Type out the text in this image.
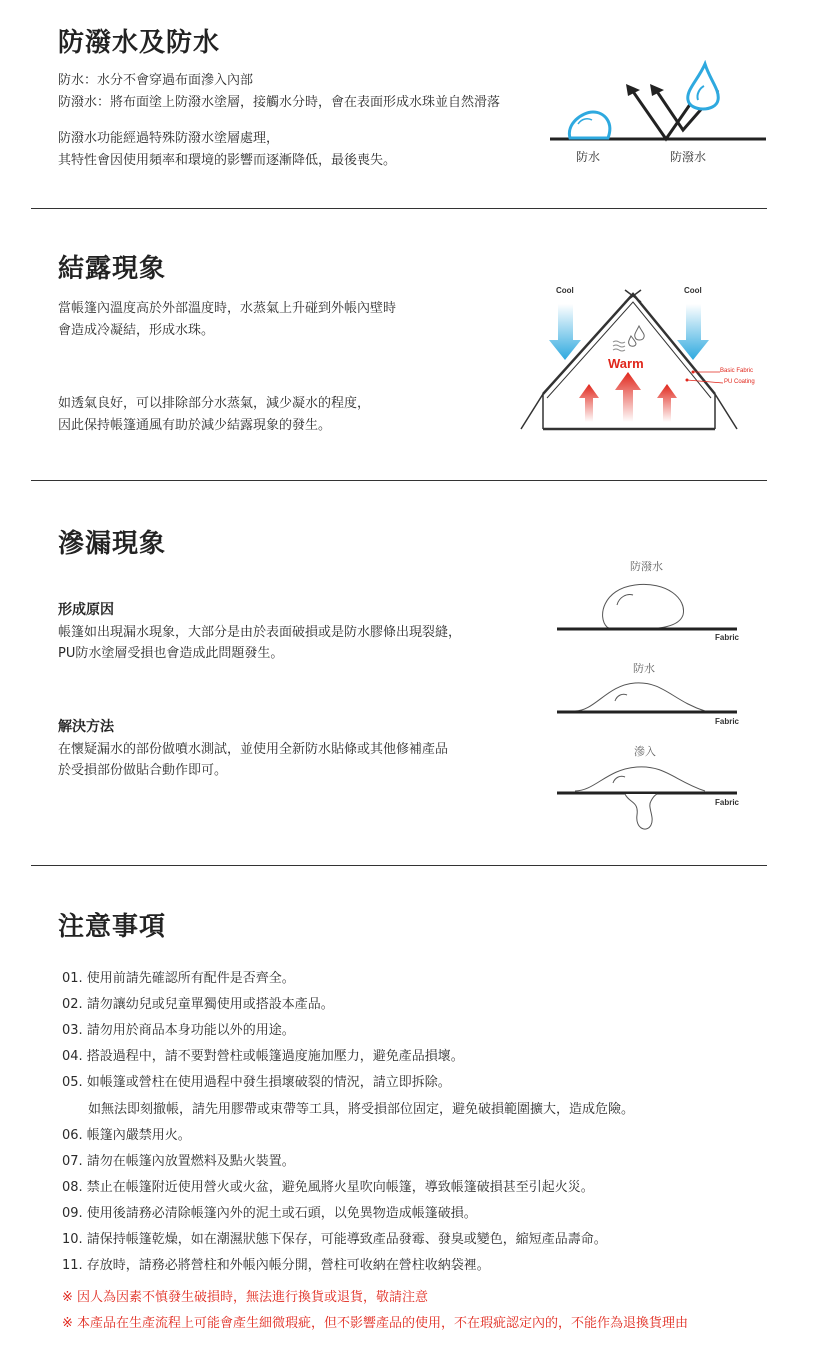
防潑水及防水
防水：水分不會穿過布面滲入內部
防潑水：將布面塗上防潑水塗層，接觸水分時，會在表面形成水珠並自然滑落
防潑水功能經過特殊防潑水塗層處理，
其特性會因使用頻率和環境的影響而逐漸降低，最後喪失。	防水	防潑水
結露現象
當帳篷內溫度高於外部溫度時，水蒸氣上升碰到外帳內壁時
會造成冷凝結，形成水珠。
如透氣良好，可以排除部分水蒸氣，減少凝水的程度，
因此保持帳篷通風有助於減少結露現象的發生。
Cool	Cool
Warm	Basic Fabric
PU Coating
滲漏現象
形成原因
帳篷如出現漏水現象，大部分是由於表面破損或是防水膠條出現裂縫，
PU防水塗層受損也會造成此問題發生。
解決方法
在懷疑漏水的部份做噴水測試，並使用全新防水貼條或其他修補產品
於受損部份做貼合動作即可。
防潑水
防水
滲入
Fabric
Fabric
Fabric
注意事項
01. 使用前請先確認所有配件是否齊全。
02. 請勿讓幼兒或兒童單獨使用或搭設本產品。
03. 請勿用於商品本身功能以外的用途。
04. 搭設過程中，請不要對營柱或帳篷過度施加壓力，避免產品損壞。
05. 如帳篷或營柱在使用過程中發生損壞破裂的情況，請立即拆除。
如無法即刻撤帳，請先用膠帶或束帶等工具，將受損部位固定，避免破損範圍擴大，造成危險。
06. 帳篷內嚴禁用火。
07. 請勿在帳篷內放置燃料及點火裝置。
08. 禁止在帳篷附近使用營火或火盆，避免風將火星吹向帳篷，導致帳篷破損甚至引起火災。
09. 使用後請務必清除帳篷內外的泥土或石頭，以免異物造成帳篷破損。
10. 請保持帳篷乾燥，如在潮濕狀態下保存，可能導致產品發霉、發臭或變色，縮短產品壽命。
11. 存放時，請務必將營柱和外帳內帳分開，營柱可收納在營柱收納袋裡。
※ 因人為因素不慎發生破損時，無法進行換貨或退貨，敬請注意
※ 本產品在生產流程上可能會產生細微瑕疵，但不影響產品的使用，不在瑕疵認定內的，不能作為退換貨理由
